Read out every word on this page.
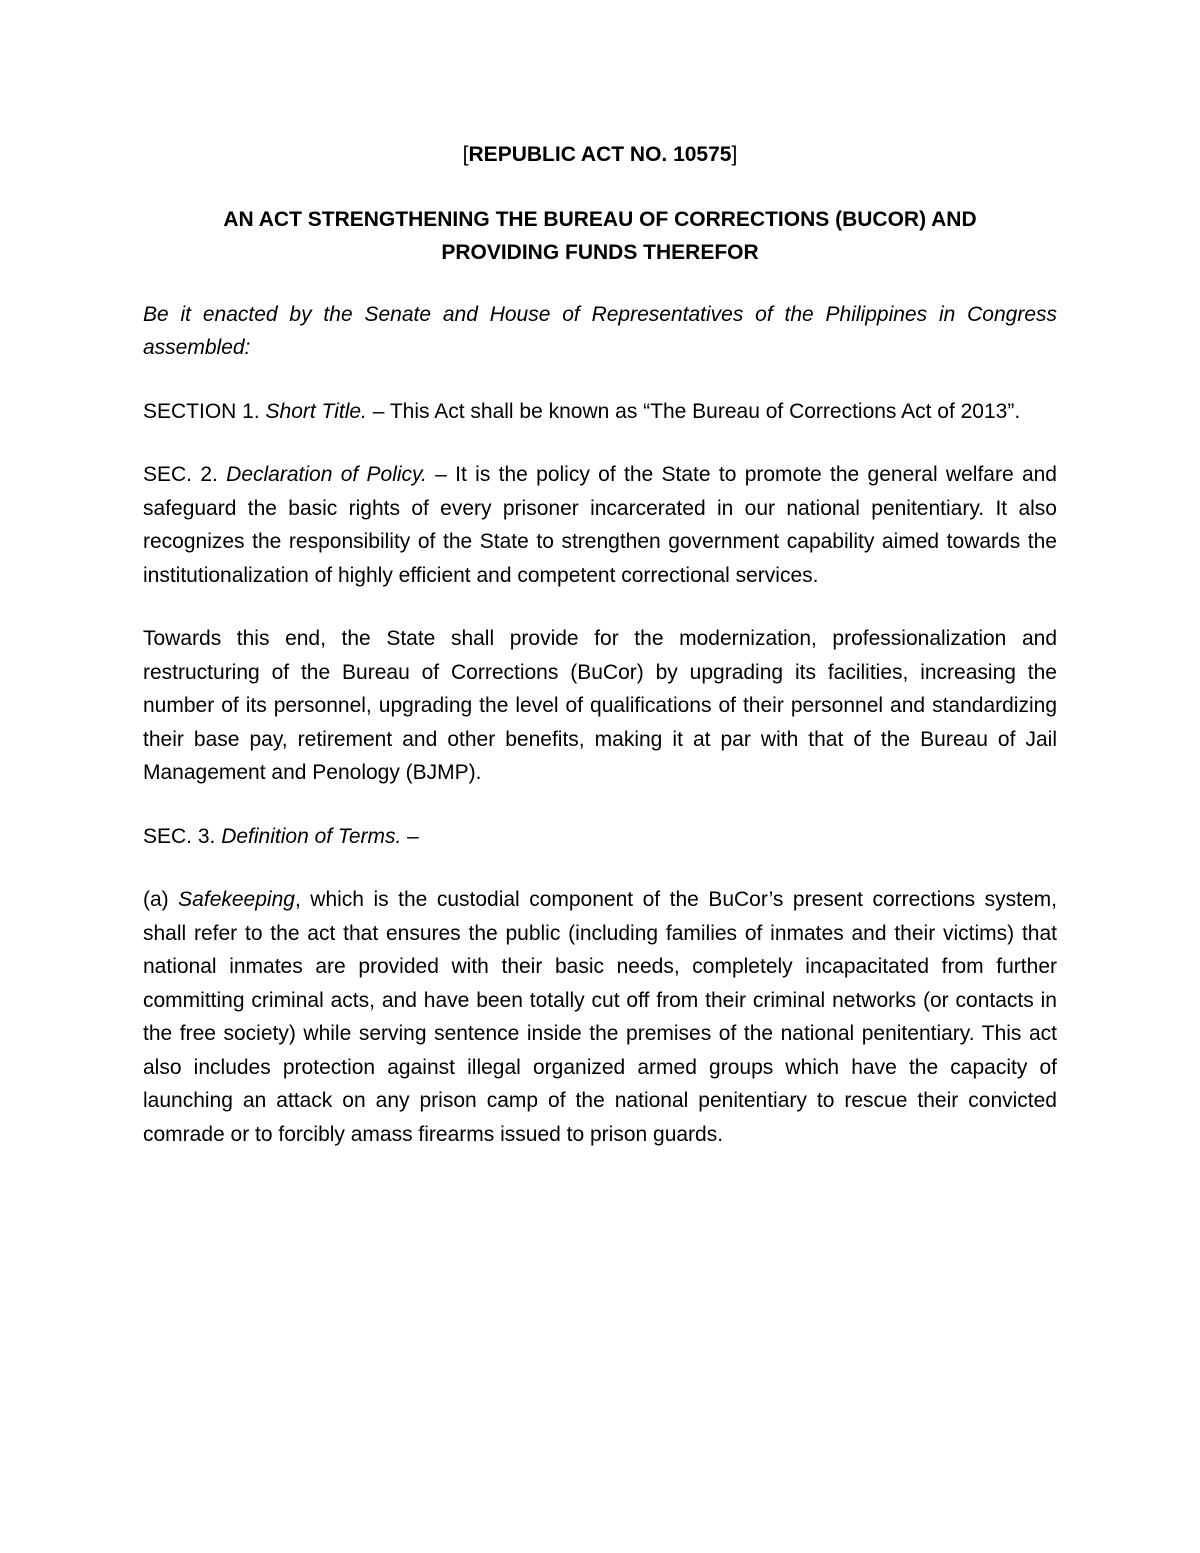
[REPUBLIC ACT NO. 10575]
AN ACT STRENGTHENING THE BUREAU OF CORRECTIONS (BUCOR) AND
PROVIDING FUNDS THEREFOR

Be it enacted by the Senate and House of Representatives of the Philippines in Congress assembled:

SECTION 1. Short Title. – This Act shall be known as “The Bureau of Corrections Act of 2013”.

SEC. 2. Declaration of Policy. – It is the policy of the State to promote the general welfare and safeguard the basic rights of every prisoner incarcerated in our national penitentiary. It also recognizes the responsibility of the State to strengthen government capability aimed towards the institutionalization of highly efficient and competent correctional services.

Towards this end, the State shall provide for the modernization, professionalization and restructuring of the Bureau of Corrections (BuCor) by upgrading its facilities, increasing the number of its personnel, upgrading the level of qualifications of their personnel and standardizing their base pay, retirement and other benefits, making it at par with that of the Bureau of Jail Management and Penology (BJMP).

SEC. 3. Definition of Terms. –

(a) Safekeeping, which is the custodial component of the BuCor’s present corrections system, shall refer to the act that ensures the public (including families of inmates and their victims) that national inmates are provided with their basic needs, completely incapacitated from further committing criminal acts, and have been totally cut off from their criminal networks (or contacts in the free society) while serving sentence inside the premises of the national penitentiary. This act also includes protection against illegal organized armed groups which have the capacity of launching an attack on any prison camp of the national penitentiary to rescue their convicted comrade or to forcibly amass firearms issued to prison guards.
